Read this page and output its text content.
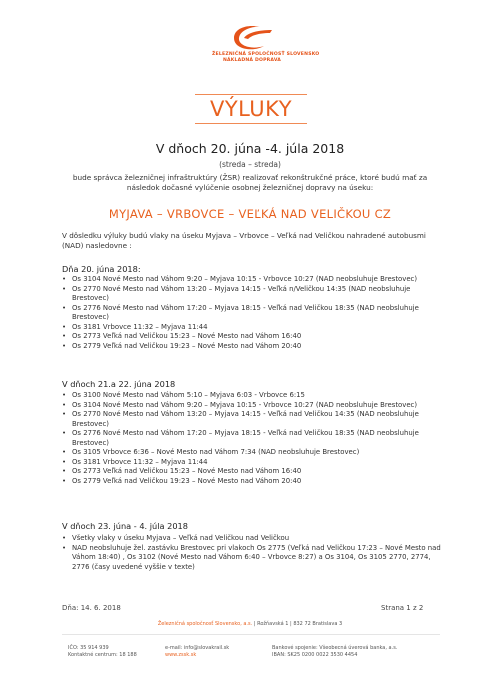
ŽELEZNIČNÁ SPOLOČNOSŤ SLOVENSKO
NÁKLADNÁ DOPRAVA
VÝLUKY
V dňoch 20. júna -4. júla 2018
(streda – streda)
bude správca železničnej infraštruktúry (ŽSR) realizovať rekonštrukčné práce, ktoré budú mať za následok dočasné vylúčenie osobnej železničnej dopravy na úseku:
MYJAVA – VRBOVCE – VEĽKÁ NAD VELIČKOU CZ
V dôsledku výluky budú vlaky na úseku Myjava – Vrbovce – Veľká nad Veličkou nahradené autobusmi (NAD) nasledovne :
Dňa 20. júna 2018:
• Os 3104 Nové Mesto nad Váhom 9:20 – Myjava 10:15 - Vrbovce 10:27 (NAD neobsluhuje Brestovec)
• Os 2770 Nové Mesto nad Váhom 13:20 – Myjava 14:15 - Veľká n/Veličkou 14:35 (NAD neobsluhuje Brestovec)
• Os 2776 Nové Mesto nad Váhom 17:20 – Myjava 18:15 - Veľká nad Veličkou 18:35 (NAD neobsluhuje Brestovec)
• Os 3181 Vrbovce 11:32 – Myjava 11:44
• Os 2773 Veľká nad Veličkou 15:23 – Nové Mesto nad Váhom 16:40
• Os 2779 Veľká nad Veličkou 19:23 – Nové Mesto nad Váhom 20:40
V dňoch 21.a 22. júna 2018
• Os 3100 Nové Mesto nad Váhom 5:10 – Myjava 6:03 - Vrbovce 6:15
• Os 3104 Nové Mesto nad Váhom 9:20 – Myjava 10:15 - Vrbovce 10:27 (NAD neobsluhuje Brestovec)
• Os 2770 Nové Mesto nad Váhom 13:20 – Myjava 14:15 - Veľká nad Veličkou 14:35 (NAD neobsluhuje Brestovec)
• Os 2776 Nové Mesto nad Váhom 17:20 – Myjava 18:15 - Veľká nad Veličkou 18:35 (NAD neobsluhuje Brestovec)
• Os 3105 Vrbovce 6:36 – Nové Mesto nad Váhom 7:34 (NAD neobsluhuje Brestovec)
• Os 3181 Vrbovce 11:32 – Myjava 11:44
• Os 2773 Veľká nad Veličkou 15:23 – Nové Mesto nad Váhom 16:40
• Os 2779 Veľká nad Veličkou 19:23 – Nové Mesto nad Váhom 20:40
V dňoch 23. júna - 4. júla 2018
• Všetky vlaky v úseku Myjava – Veľká nad Veličkou nad Veličkou
• NAD neobsluhuje žel. zastávku Brestovec pri vlakoch Os 2775 (Veľká nad Veličkou 17:23 – Nové Mesto nad Váhom 18:40) , Os 3102 (Nové Mesto nad Váhom 6:40 – Vrbovce 8:27) a Os 3104, Os 3105 2770, 2774, 2776 (časy uvedené vyššie v texte)
Dňa: 14. 6. 2018	Strana 1 z 2
Železničná spoločnosť Slovensko, a.s. | Rožňavská 1 | 832 72 Bratislava 3
IČO: 35 914 939
Kontaktné centrum: 18 188
e-mail: info@slovakrail.sk
www.zssk.sk
Bankové spojenie: Všeobecná úverová banka, a.s.
IBAN: SK25 0200 0022 3530 4454
